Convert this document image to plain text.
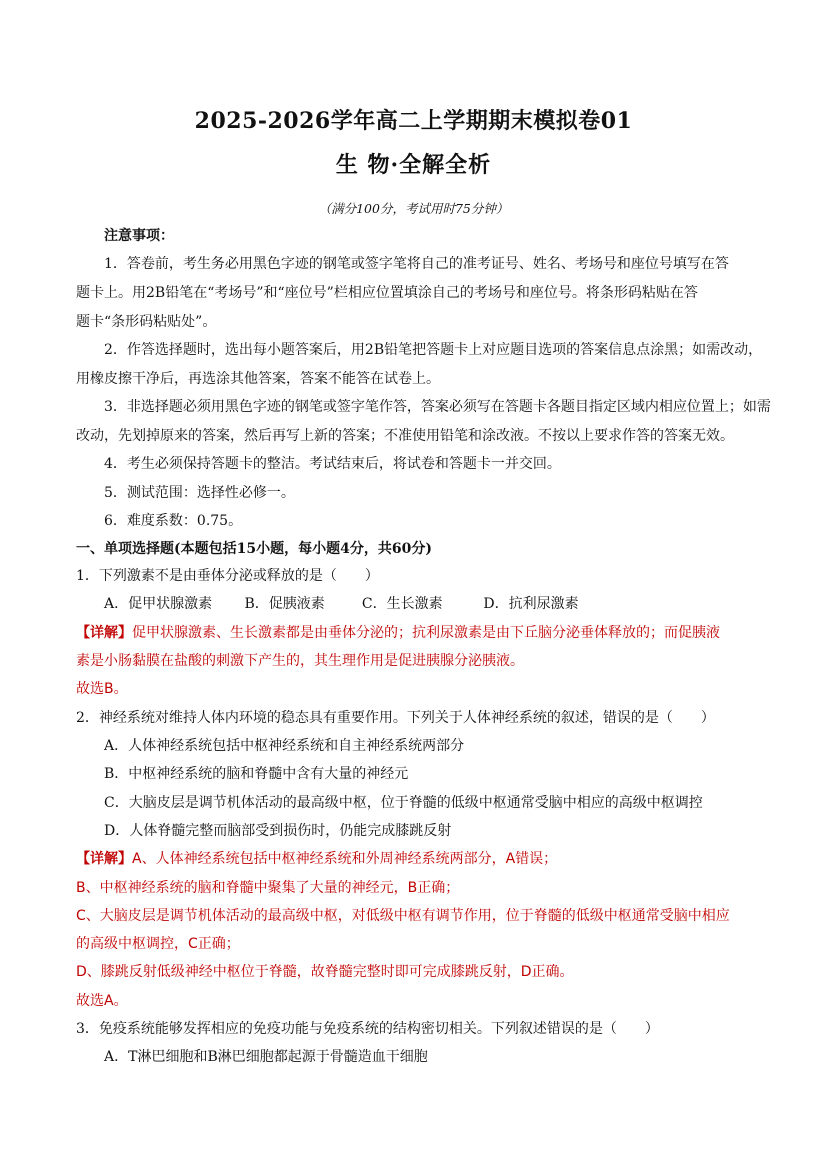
2025-2026学年高二上学期期末模拟卷01
生 物·全解全析
（满分100分，考试用时75分钟）
注意事项：
1．答卷前，考生务必用黑色字迹的钢笔或签字笔将自己的准考证号、姓名、考场号和座位号填写在答
题卡上。用2B铅笔在“考场号”和“座位号”栏相应位置填涂自己的考场号和座位号。将条形码粘贴在答
题卡“条形码粘贴处”。
2．作答选择题时，选出每小题答案后，用2B铅笔把答题卡上对应题目选项的答案信息点涂黑；如需改动，
用橡皮擦干净后，再选涂其他答案，答案不能答在试卷上。
3．非选择题必须用黑色字迹的钢笔或签字笔作答，答案必须写在答题卡各题目指定区域内相应位置上；如需
改动，先划掉原来的答案，然后再写上新的答案；不准使用铅笔和涂改液。不按以上要求作答的答案无效。
4．考生必须保持答题卡的整洁。考试结束后，将试卷和答题卡一并交回。
5．测试范围：选择性必修一。
6．难度系数：0.75。
一、单项选择题(本题包括15小题，每小题4分，共60分)
1．下列激素不是由垂体分泌或释放的是（　　）
A．促甲状腺激素 B．促胰液素	C．生长激素	D．抗利尿激素
【详解】促甲状腺激素、生长激素都是由垂体分泌的；抗利尿激素是由下丘脑分泌垂体释放的；而促胰液
素是小肠黏膜在盐酸的刺激下产生的，其生理作用是促进胰腺分泌胰液。
故选B。
2．神经系统对维持人体内环境的稳态具有重要作用。下列关于人体神经系统的叙述，错误的是（　　）
A．人体神经系统包括中枢神经系统和自主神经系统两部分
B．中枢神经系统的脑和脊髓中含有大量的神经元
C．大脑皮层是调节机体活动的最高级中枢，位于脊髓的低级中枢通常受脑中相应的高级中枢调控
D．人体脊髓完整而脑部受到损伤时，仍能完成膝跳反射
【详解】A、人体神经系统包括中枢神经系统和外周神经系统两部分，A错误；
B、中枢神经系统的脑和脊髓中聚集了大量的神经元，B正确；
C、大脑皮层是调节机体活动的最高级中枢，对低级中枢有调节作用，位于脊髓的低级中枢通常受脑中相应
的高级中枢调控，C正确；
D、膝跳反射低级神经中枢位于脊髓，故脊髓完整时即可完成膝跳反射，D正确。
故选A。
3．免疫系统能够发挥相应的免疫功能与免疫系统的结构密切相关。下列叙述错误的是（　　）
A．T淋巴细胞和B淋巴细胞都起源于骨髓造血干细胞
